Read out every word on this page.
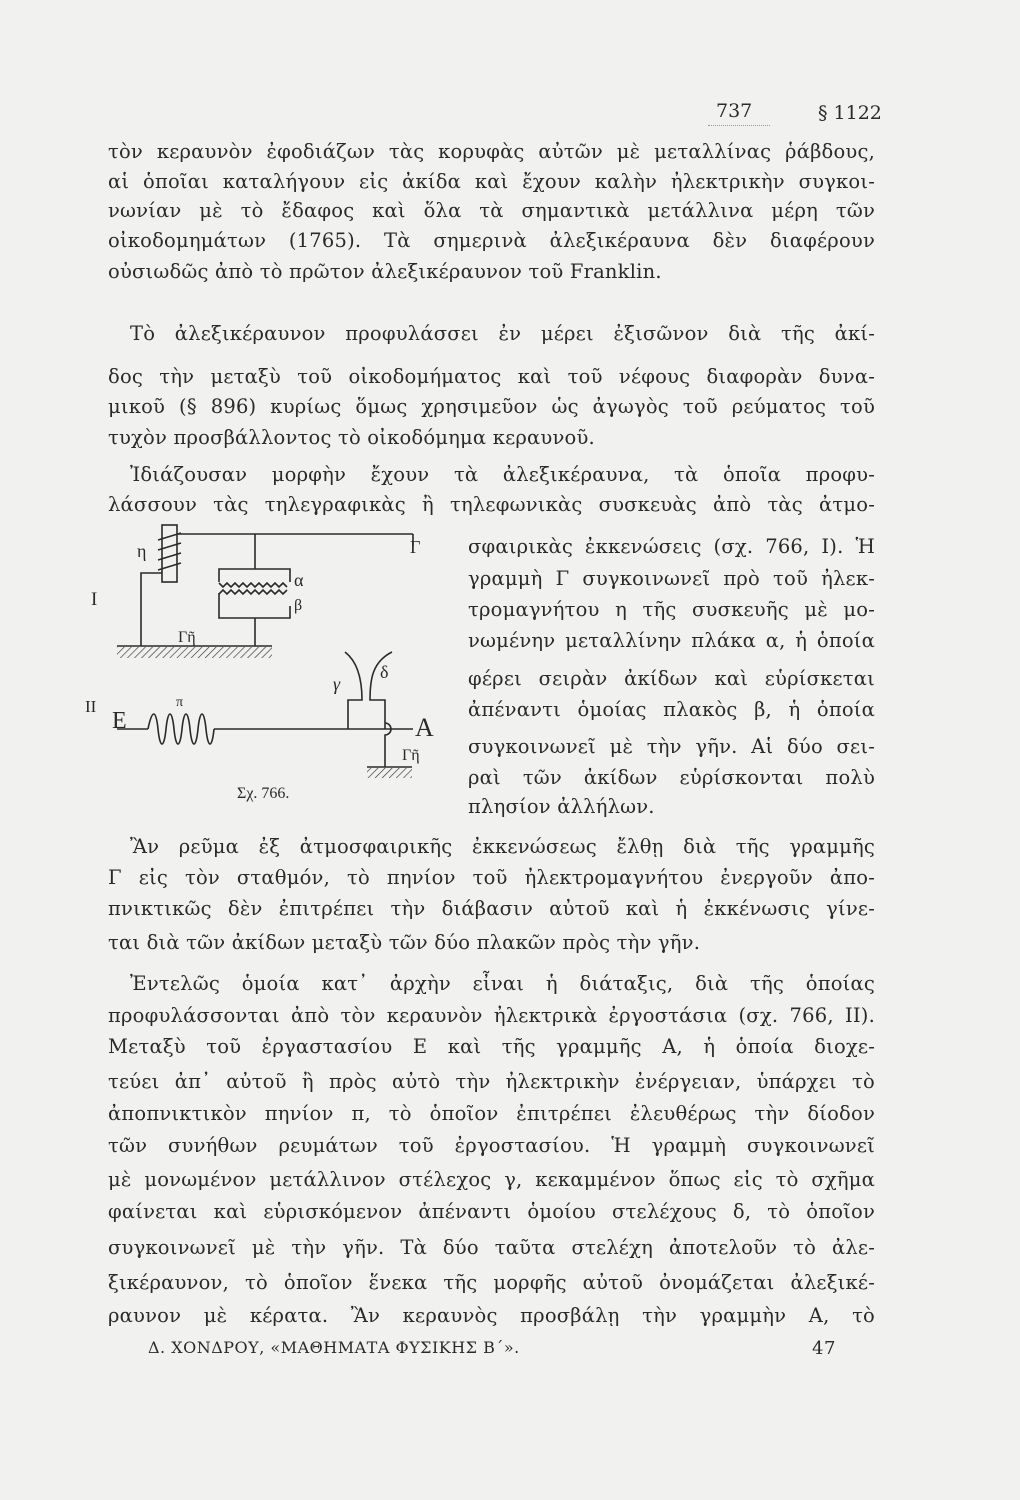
737	§ 1122
τὸν κεραυνὸν ἐφοδιάζων τὰς κορυφὰς αὐτῶν μὲ μεταλλίνας ῥάβδους,
αἱ ὁποῖαι καταλήγουν εἰς ἀκίδα καὶ ἔχουν καλὴν ἠλεκτρικὴν συγκοι-
νωνίαν μὲ τὸ ἔδαφος καὶ ὅλα τὰ σημαντικὰ μετάλλινα μέρη τῶν
οἰκοδομημάτων (1765). Τὰ σημερινὰ ἀλεξικέραυνα δὲν διαφέρουν
οὐσιωδῶς ἀπὸ τὸ πρῶτον ἀλεξικέραυνον τοῦ Franklin.
Τὸ ἀλεξικέραυνον προφυλάσσει ἐν μέρει ἐξισῶνον διὰ τῆς ἀκί-
δος τὴν μεταξὺ τοῦ οἰκοδομήματος καὶ τοῦ νέφους διαφορὰν δυνα-
μικοῦ (§ 896) κυρίως ὅμως χρησιμεῦον ὡς ἀγωγὸς τοῦ ρεύματος τοῦ
τυχὸν προσβάλλοντος τὸ οἰκοδόμημα κεραυνοῦ.
Ἰδιάζουσαν μορφὴν ἔχουν τὰ ἀλεξικέραυνα, τὰ ὁποῖα προφυ-
λάσσουν τὰς τηλεγραφικὰς ἢ τηλεφωνικὰς συσκευὰς ἀπὸ τὰς ἀτμο-
σφαιρικὰς ἐκκενώσεις (σχ. 766, I). Ἡ
γραμμὴ Γ συγκοινωνεῖ πρὸ τοῦ ἠλεκ-
τρομαγνήτου η τῆς συσκευῆς μὲ μο-
νωμένην μεταλλίνην πλάκα α, ἡ ὁποία
φέρει σειρὰν ἀκίδων καὶ εὑρίσκεται
ἀπέναντι ὁμοίας πλακὸς β, ἡ ὁποία
συγκοινωνεῖ μὲ τὴν γῆν. Αἱ δύο σει-
ραὶ τῶν ἀκίδων εὑρίσκονται πολὺ
πλησίον ἀλλήλων.
Ἂν ρεῦμα ἐξ ἀτμοσφαιρικῆς ἐκκενώσεως ἔλθῃ διὰ τῆς γραμμῆς
Γ εἰς τὸν σταθμόν, τὸ πηνίον τοῦ ἠλεκτρομαγνήτου ἐνεργοῦν ἀπο-
πνικτικῶς δὲν ἐπιτρέπει τὴν διάβασιν αὐτοῦ καὶ ἡ ἐκκένωσις γίνε-
ται διὰ τῶν ἀκίδων μεταξὺ τῶν δύο πλακῶν πρὸς τὴν γῆν.
Ἐντελῶς ὁμοία κατ᾽ ἀρχὴν εἶναι ἡ διάταξις, διὰ τῆς ὁποίας
προφυλάσσονται ἀπὸ τὸν κεραυνὸν ἠλεκτρικὰ ἐργοστάσια (σχ. 766, II).
Μεταξὺ τοῦ ἐργαστασίου Ε καὶ τῆς γραμμῆς Α, ἡ ὁποία διοχε-
τεύει ἀπ᾽ αὐτοῦ ἢ πρὸς αὐτὸ τὴν ἠλεκτρικὴν ἐνέργειαν, ὑπάρχει τὸ
ἀποπνικτικὸν πηνίον π, τὸ ὁποῖον ἐπιτρέπει ἐλευθέρως τὴν δίοδον
τῶν συνήθων ρευμάτων τοῦ ἐργοστασίου. Ἡ γραμμὴ συγκοινωνεῖ
μὲ μονωμένον μετάλλινον στέλεχος γ, κεκαμμένον ὅπως εἰς τὸ σχῆμα
φαίνεται καὶ εὑρισκόμενον ἀπέναντι ὁμοίου στελέχους δ, τὸ ὁποῖον
συγκοινωνεῖ μὲ τὴν γῆν. Τὰ δύο ταῦτα στελέχη ἀποτελοῦν τὸ ἀλε-
ξικέραυνον, τὸ ὁποῖον ἕνεκα τῆς μορφῆς αὐτοῦ ὀνομάζεται ἀλεξικέ-
ραυνον μὲ κέρατα. Ἂν κεραυνὸς προσβάλῃ τὴν γραμμὴν Α, τὸ
I
η
α
β
Γ
Γῆ
II
E
π
γ
δ
A
Γῆ
Σχ. 766.
Δ. ΧΟΝΔΡΟΥ, «ΜΑΘΗΜΑΤΑ ΦΥΣΙΚΗΣ Β΄».	47
